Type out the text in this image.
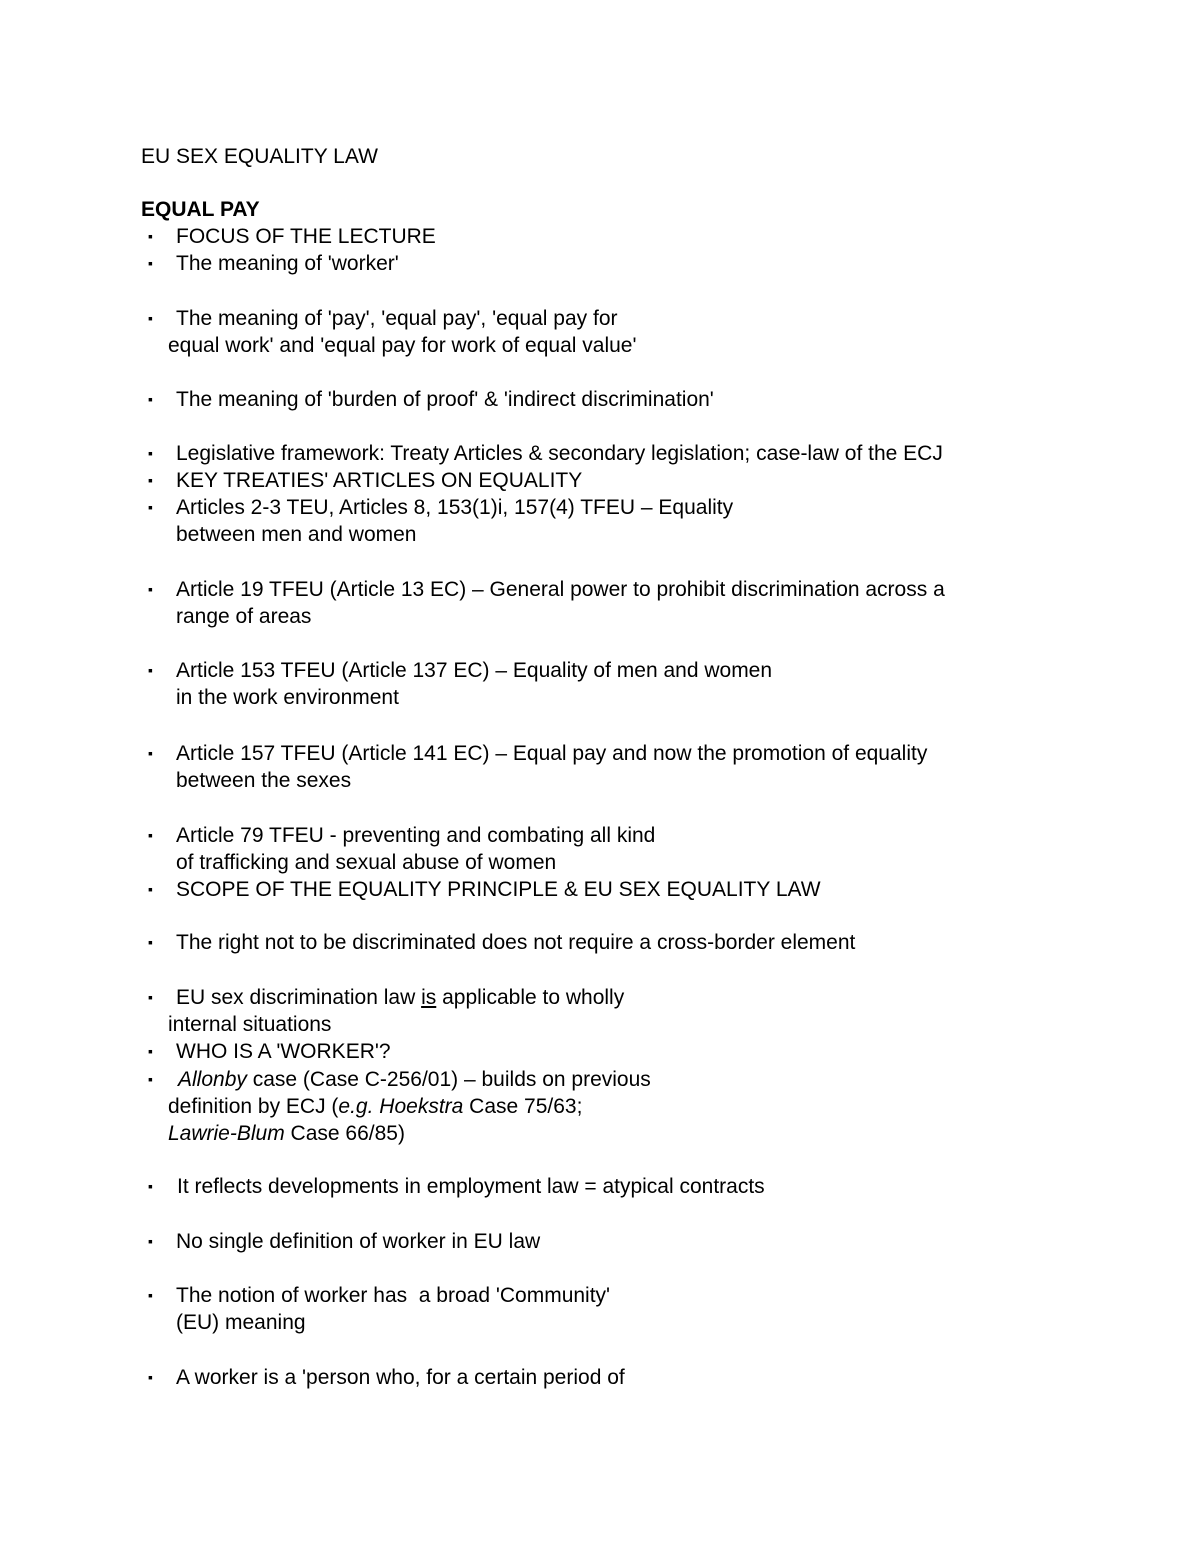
EU SEX EQUALITY LAW
EQUAL PAY
▪ FOCUS OF THE LECTURE
▪ The meaning of 'worker'
▪ The meaning of 'pay', 'equal pay', 'equal pay for
equal work' and 'equal pay for work of equal value'
▪ The meaning of 'burden of proof' & 'indirect discrimination'
▪ Legislative framework: Treaty Articles & secondary legislation; case-law of the ECJ
▪ KEY TREATIES' ARTICLES ON EQUALITY
▪ Articles 2-3 TEU, Articles 8, 153(1)i, 157(4) TFEU – Equality
between men and women
▪ Article 19 TFEU (Article 13 EC) – General power to prohibit discrimination across a
range of areas
▪ Article 153 TFEU (Article 137 EC) – Equality of men and women
in the work environment
▪ Article 157 TFEU (Article 141 EC) – Equal pay and now the promotion of equality
between the sexes
▪ Article 79 TFEU - preventing and combating all kind
of trafficking and sexual abuse of women
▪ SCOPE OF THE EQUALITY PRINCIPLE & EU SEX EQUALITY LAW
▪ The right not to be discriminated does not require a cross-border element
▪ EU sex discrimination law is applicable to wholly
internal situations
▪ WHO IS A 'WORKER'?
▪ Allonby case (Case C-256/01) – builds on previous
definition by ECJ (e.g. Hoekstra Case 75/63;
Lawrie-Blum Case 66/85)
▪ It reflects developments in employment law = atypical contracts
▪ No single definition of worker in EU law
▪ The notion of worker has  a broad 'Community'
(EU) meaning
▪ A worker is a 'person who, for a certain period of
